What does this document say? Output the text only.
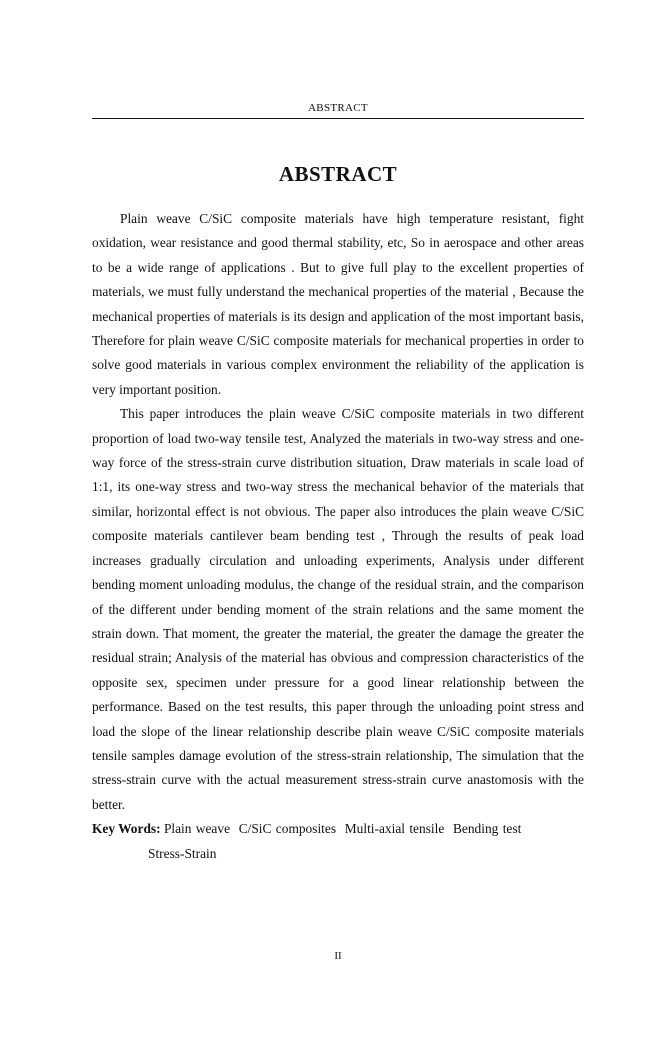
ABSTRACT
ABSTRACT

Plain weave C/SiC composite materials have high temperature resistant, fight oxidation, wear resistance and good thermal stability, etc, So in aerospace and other areas to be a wide range of applications . But to give full play to the excellent properties of materials, we must fully understand the mechanical properties of the material , Because the mechanical properties of materials is its design and application of the most important basis, Therefore for plain weave C/SiC composite materials for mechanical properties in order to solve good materials in various complex environment the reliability of the application is very important position.

This paper introduces the plain weave C/SiC composite materials in two different proportion of load two-way tensile test, Analyzed the materials in two-way stress and one-way force of the stress-strain curve distribution situation, Draw materials in scale load of 1:1, its one-way stress and two-way stress the mechanical behavior of the materials that similar, horizontal effect is not obvious. The paper also introduces the plain weave C/SiC composite materials cantilever beam bending test , Through the results of peak load increases gradually circulation and unloading experiments, Analysis under different bending moment unloading modulus, the change of the residual strain, and the comparison of the different under bending moment of the strain relations and the same moment the strain down. That moment, the greater the material, the greater the damage the greater the residual strain; Analysis of the material has obvious and compression characteristics of the opposite sex, specimen under pressure for a good linear relationship between the performance. Based on the test results, this paper through the unloading point stress and load the slope of the linear relationship describe plain weave C/SiC composite materials tensile samples damage evolution of the stress-strain relationship, The simulation that the stress-strain curve with the actual measurement stress-strain curve anastomosis with the better.

Key Words: Plain weave  C/SiC composites  Multi-axial tensile  Bending test
Stress-Strain

II
